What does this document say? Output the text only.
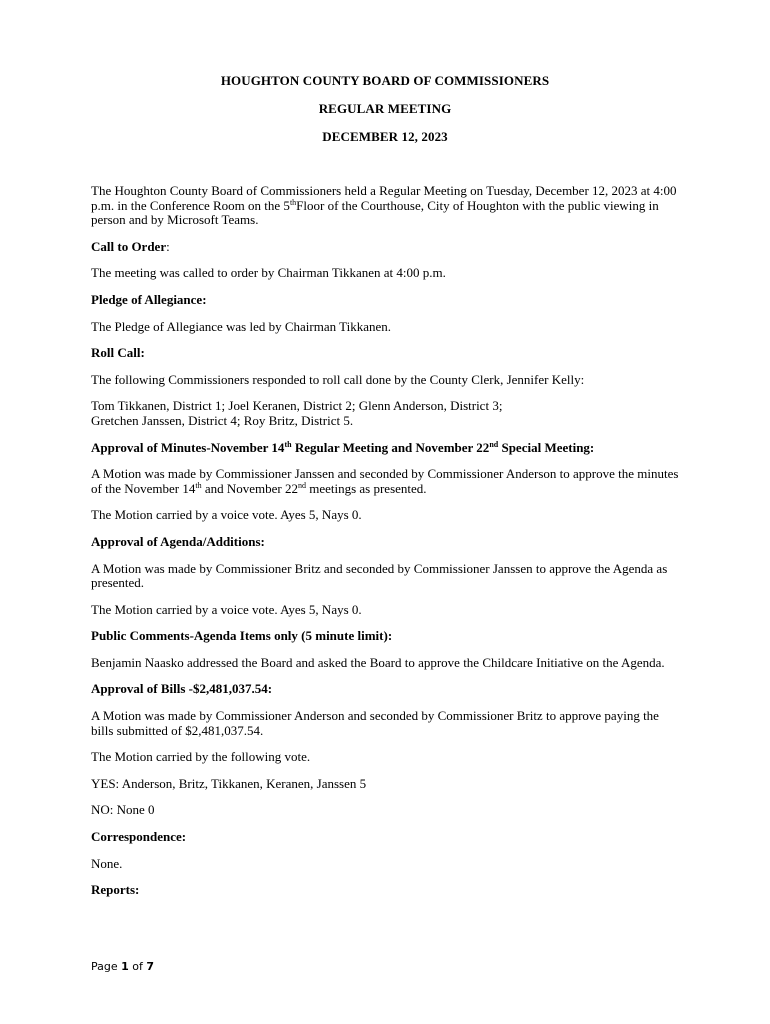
HOUGHTON COUNTY BOARD OF COMMISSIONERS
REGULAR MEETING
DECEMBER 12, 2023

The Houghton County Board of Commissioners held a Regular Meeting on Tuesday, December 12, 2023 at 4:00 p.m. in the Conference Room on the 5thFloor of the Courthouse, City of Houghton with the public viewing in person and by Microsoft Teams.

Call to Order:

The meeting was called to order by Chairman Tikkanen at 4:00 p.m.

Pledge of Allegiance:

The Pledge of Allegiance was led by Chairman Tikkanen.

Roll Call:

The following Commissioners responded to roll call done by the County Clerk, Jennifer Kelly:

Tom Tikkanen, District 1; Joel Keranen, District 2; Glenn Anderson, District 3;
Gretchen Janssen, District 4; Roy Britz, District 5.

Approval of Minutes-November 14th Regular Meeting and November 22nd Special Meeting:

A Motion was made by Commissioner Janssen and seconded by Commissioner Anderson to approve the minutes of the November 14th and November 22nd meetings as presented.

The Motion carried by a voice vote. Ayes 5, Nays 0.

Approval of Agenda/Additions:

A Motion was made by Commissioner Britz and seconded by Commissioner Janssen to approve the Agenda as presented.

The Motion carried by a voice vote. Ayes 5, Nays 0.

Public Comments-Agenda Items only (5 minute limit):

Benjamin Naasko addressed the Board and asked the Board to approve the Childcare Initiative on the Agenda.

Approval of Bills -$2,481,037.54:

A Motion was made by Commissioner Anderson and seconded by Commissioner Britz to approve paying the bills submitted of $2,481,037.54.

The Motion carried by the following vote.

YES: Anderson, Britz, Tikkanen, Keranen, Janssen 5

NO: None 0

Correspondence:

None.

Reports:
Page 1 of 7
